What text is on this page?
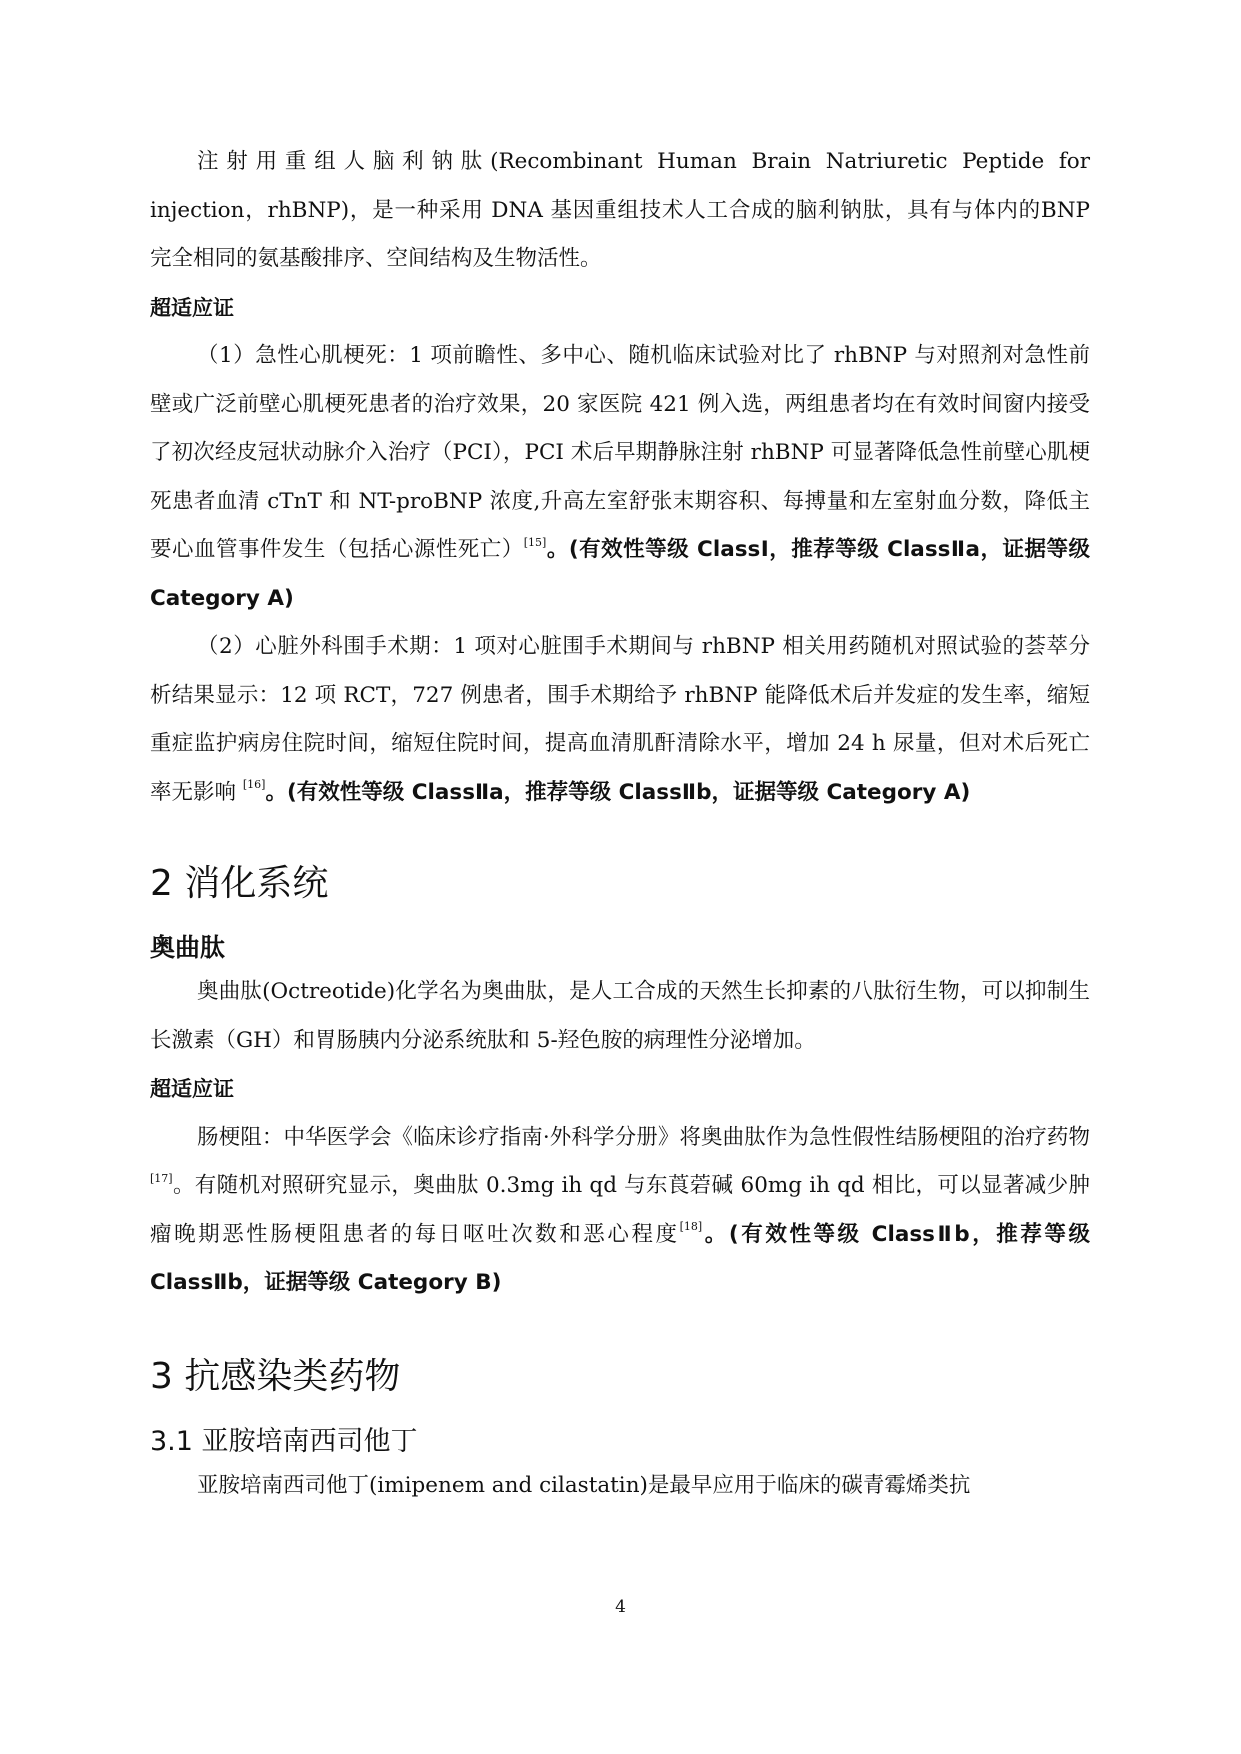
注射用重组人脑利钠肽(Recombinant Human Brain Natriuretic Peptide for injection，rhBNP)，是一种采用 DNA 基因重组技术人工合成的脑利钠肽，具有与体内的BNP 完全相同的氨基酸排序、空间结构及生物活性。

超适应证

（1）急性心肌梗死：1 项前瞻性、多中心、随机临床试验对比了 rhBNP 与对照剂对急性前壁或广泛前壁心肌梗死患者的治疗效果，20 家医院 421 例入选，两组患者均在有效时间窗内接受了初次经皮冠状动脉介入治疗（PCI），PCI 术后早期静脉注射 rhBNP 可显著降低急性前壁心肌梗死患者血清 cTnT 和 NT-proBNP 浓度,升高左室舒张末期容积、每搏量和左室射血分数，降低主要心血管事件发生（包括心源性死亡）[15]。(有效性等级 ClassⅠ，推荐等级 ClassⅡa，证据等级 Category A)

（2）心脏外科围手术期：1 项对心脏围手术期间与 rhBNP 相关用药随机对照试验的荟萃分析结果显示：12 项 RCT，727 例患者，围手术期给予 rhBNP 能降低术后并发症的发生率，缩短重症监护病房住院时间，缩短住院时间，提高血清肌酐清除水平，增加 24 h 尿量，但对术后死亡率无影响 [16]。(有效性等级 ClassⅡa，推荐等级 ClassⅡb，证据等级 Category A)

2 消化系统
奥曲肽

奥曲肽(Octreotide)化学名为奥曲肽，是人工合成的天然生长抑素的八肽衍生物，可以抑制生长激素（GH）和胃肠胰内分泌系统肽和 5-羟色胺的病理性分泌增加。

超适应证

肠梗阻：中华医学会《临床诊疗指南·外科学分册》将奥曲肽作为急性假性结肠梗阻的治疗药物[17]。有随机对照研究显示，奥曲肽 0.3mg ih qd 与东莨菪碱 60mg ih qd 相比，可以显著减少肿瘤晚期恶性肠梗阻患者的每日呕吐次数和恶心程度[18]。(有效性等级 ClassⅡb，推荐等级 ClassⅡb，证据等级 Category B)

3 抗感染类药物
3.1 亚胺培南西司他丁

亚胺培南西司他丁(imipenem and cilastatin)是最早应用于临床的碳青霉烯类抗

4
